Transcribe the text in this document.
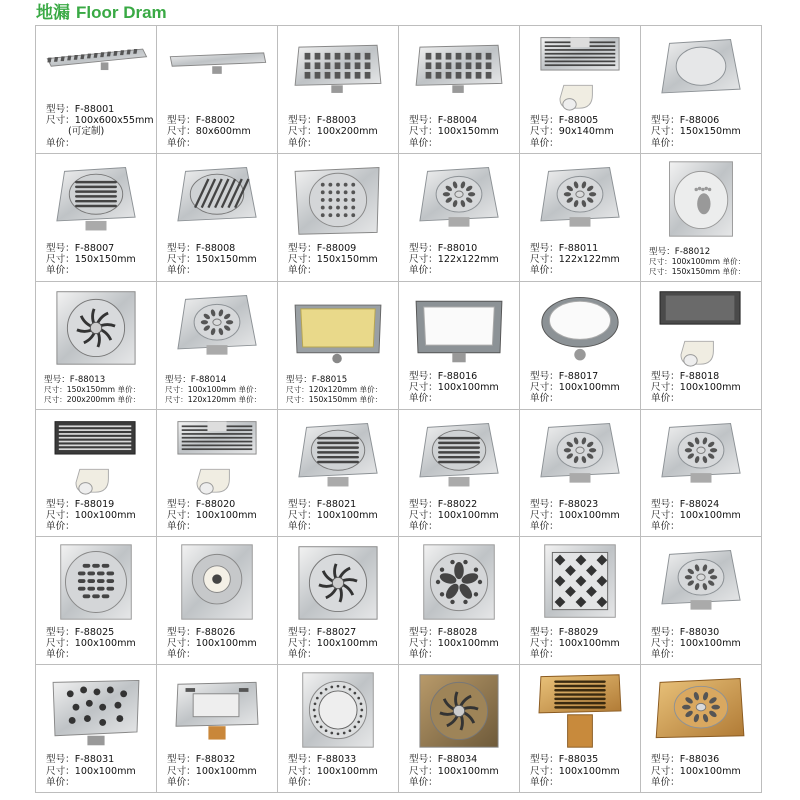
地漏 Floor Dram
型号：F-88001
尺寸：100x600x55mm
(可定制)
单价：
型号：F-88002
尺寸：80x600mm
单价：
型号：F-88003
尺寸：100x200mm
单价：
型号：F-88004
尺寸：100x150mm
单价：
型号：F-88005
尺寸：90x140mm
单价：
型号：F-88006
尺寸：150x150mm
单价：
型号：F-88007
尺寸：150x150mm
单价：
型号：F-88008
尺寸：150x150mm
单价：
型号：F-88009
尺寸：150x150mm
单价：
型号：F-88010
尺寸：122x122mm
单价：
型号：F-88011
尺寸：122x122mm
单价：
型号：F-88012
尺寸：100x100mm 单价：
尺寸：150x150mm 单价：
型号：F-88013
尺寸：150x150mm 单价：
尺寸：200x200mm 单价：
型号：F-88014
尺寸：100x100mm 单价：
尺寸：120x120mm 单价：
型号：F-88015
尺寸：120x120mm 单价：
尺寸：150x150mm 单价：
型号：F-88016
尺寸：100x100mm
单价：
型号：F-88017
尺寸：100x100mm
单价：
型号：F-88018
尺寸：100x100mm
单价：
型号：F-88019
尺寸：100x100mm
单价：
型号：F-88020
尺寸：100x100mm
单价：
型号：F-88021
尺寸：100x100mm
单价：
型号：F-88022
尺寸：100x100mm
单价：
型号：F-88023
尺寸：100x100mm
单价：
型号：F-88024
尺寸：100x100mm
单价：
型号：F-88025
尺寸：100x100mm
单价：
型号：F-88026
尺寸：100x100mm
单价：
型号：F-88027
尺寸：100x100mm
单价：
型号：F-88028
尺寸：100x100mm
单价：
型号：F-88029
尺寸：100x100mm
单价：
型号：F-88030
尺寸：100x100mm
单价：
型号：F-88031
尺寸：100x100mm
单价：
型号：F-88032
尺寸：100x100mm
单价：
型号：F-88033
尺寸：100x100mm
单价：
型号：F-88034
尺寸：100x100mm
单价：
型号：F-88035
尺寸：100x100mm
单价：
型号：F-88036
尺寸：100x100mm
单价：
